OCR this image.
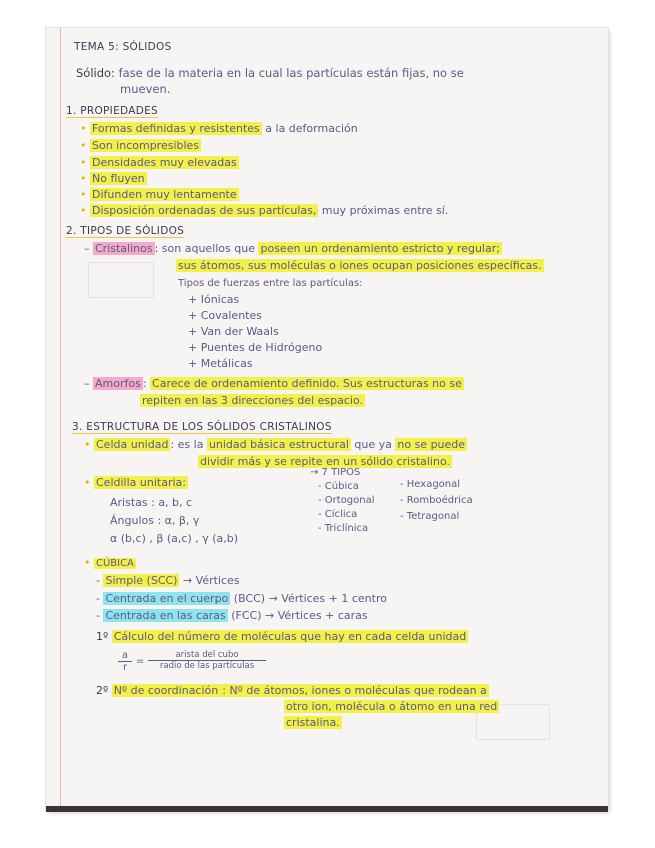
TEMA 5: SÓLIDOS
Sólido: fase de la materia en la cual las partículas están fijas, no se
mueven.
1. PROPIEDADES
• Formas definidas y resistentes a la deformación
• Son incompresibles
• Densidades muy elevadas
• No fluyen
• Difunden muy lentamente
• Disposición ordenadas de sus partículas, muy próximas entre sí.
2. TIPOS DE SÓLIDOS
– Cristalinos : son aquellos que poseen un ordenamiento estricto y regular;
sus átomos, sus moléculas o iones ocupan posiciones específicas.
Tipos de fuerzas entre las partículas:
+ Iónicas
+ Covalentes
+ Van der Waals
+ Puentes de Hidrógeno
+ Metálicas
– Amorfos : Carece de ordenamiento definido. Sus estructuras no se
repiten en las 3 direcciones del espacio.
3. ESTRUCTURA DE LOS SÓLIDOS CRISTALINOS
• Celda unidad : es la unidad básica estructural que ya no se puede
dividir más y se repite en un sólido cristalino.
• Celdilla unitaria:
Aristas : a, b, c
Ángulos : α, β, γ
α (b,c) , β (a,c) , γ (a,b)
→ 7 TIPOS
- Cúbica
- Ortogonal
- Cíclica
- Triclínica
- Hexagonal
- Romboédrica
- Tetragonal
• CÚBICA
- Simple (SCC) → Vértices
- Centrada en el cuerpo (BCC) → Vértices + 1 centro
- Centrada en las caras (FCC) → Vértices + caras
1º Cálculo del número de moléculas que hay en cada celda unidad
$\frac{a}{r}$ =
arista del cubo
radio de las partículas
2º Nº de coordinación : Nº de átomos, iones o moléculas que rodean a
otro ion, molécula o átomo en una red
cristalina.
